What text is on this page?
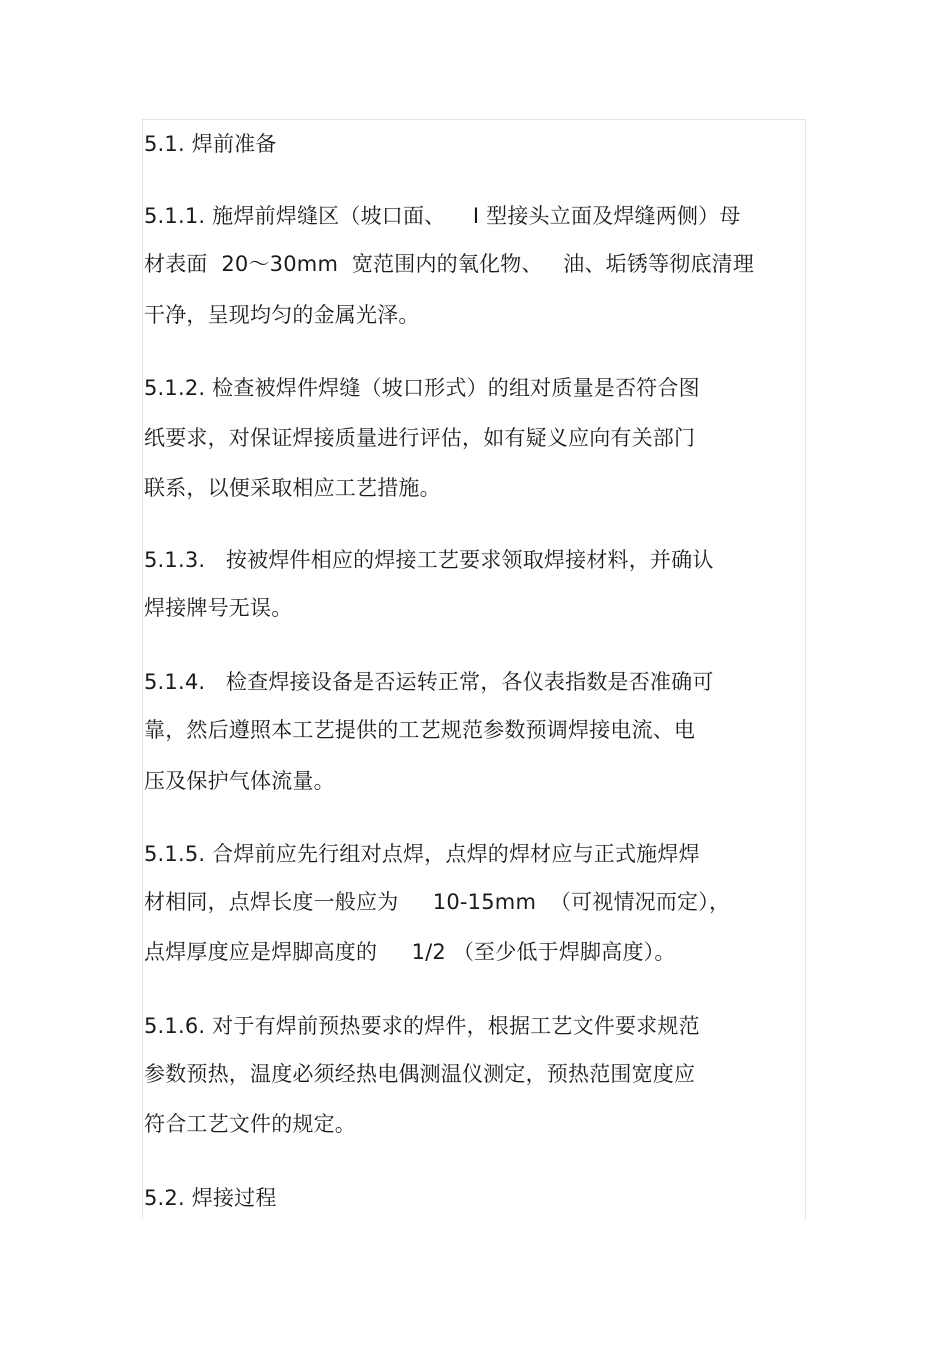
5.1. 焊前准备
5.1.1. 施焊前焊缝区（坡口面、    I 型接头立面及焊缝两侧）母
材表面  20～30mm  宽范围内的氧化物、   油、垢锈等彻底清理
干净，呈现均匀的金属光泽。
5.1.2. 检查被焊件焊缝（坡口形式）的组对质量是否符合图
纸要求，对保证焊接质量进行评估，如有疑义应向有关部门
联系，以便采取相应工艺措施。
5.1.3.   按被焊件相应的焊接工艺要求领取焊接材料，并确认
焊接牌号无误。
5.1.4.   检查焊接设备是否运转正常，各仪表指数是否准确可
靠，然后遵照本工艺提供的工艺规范参数预调焊接电流、电
压及保护气体流量。
5.1.5. 合焊前应先行组对点焊，点焊的焊材应与正式施焊焊
材相同，点焊长度一般应为     10-15mm  （可视情况而定），
点焊厚度应是焊脚高度的     1/2 （至少低于焊脚高度）。
5.1.6. 对于有焊前预热要求的焊件，根据工艺文件要求规范
参数预热，温度必须经热电偶测温仪测定，预热范围宽度应
符合工艺文件的规定。
5.2. 焊接过程
